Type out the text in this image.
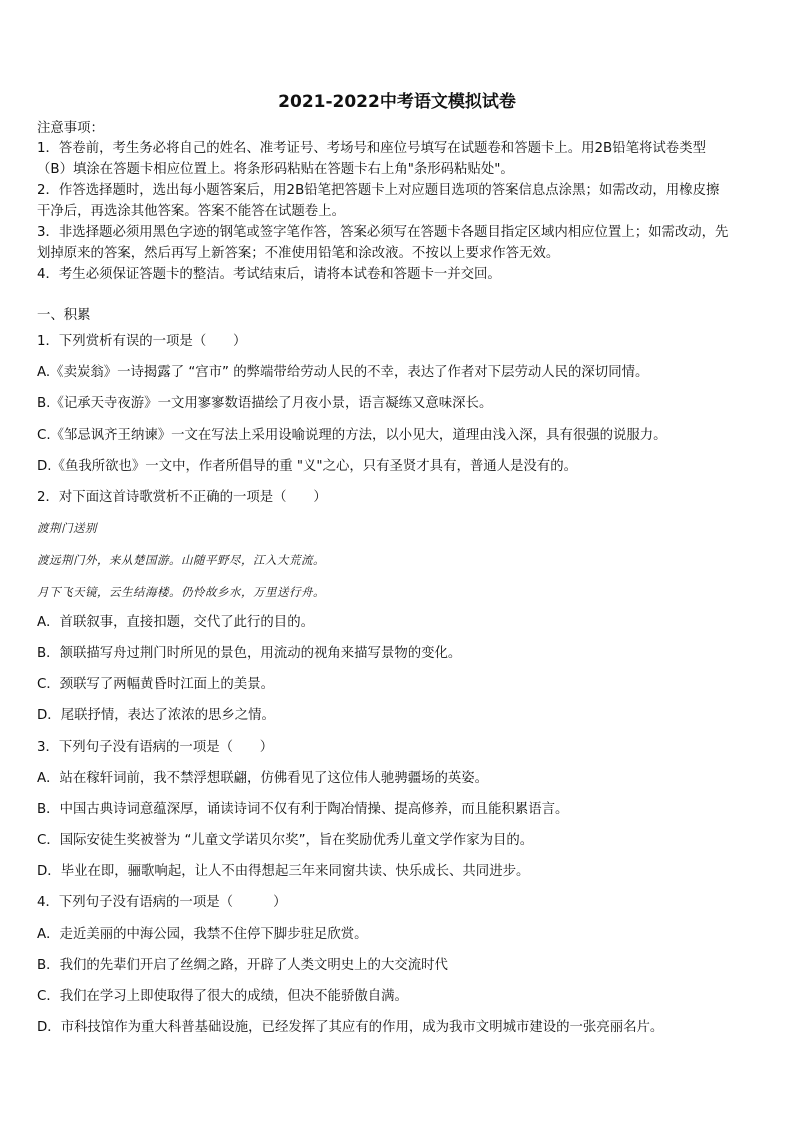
2021-2022中考语文模拟试卷
注意事项：
1．答卷前，考生务必将自己的姓名、准考证号、考场号和座位号填写在试题卷和答题卡上。用2B铅笔将试卷类型
（B）填涂在答题卡相应位置上。将条形码粘贴在答题卡右上角"条形码粘贴处"。
2．作答选择题时，选出每小题答案后，用2B铅笔把答题卡上对应题目选项的答案信息点涂黑；如需改动，用橡皮擦
干净后，再选涂其他答案。答案不能答在试题卷上。
3．非选择题必须用黑色字迹的钢笔或签字笔作答，答案必须写在答题卡各题目指定区域内相应位置上；如需改动，先
划掉原来的答案，然后再写上新答案；不准使用铅笔和涂改液。不按以上要求作答无效。
4．考生必须保证答题卡的整洁。考试结束后，请将本试卷和答题卡一并交回。
一、积累
1．下列赏析有误的一项是（　　）
A.《卖炭翁》一诗揭露了 “宫市” 的弊端带给劳动人民的不幸，表达了作者对下层劳动人民的深切同情。
B.《记承天寺夜游》一文用寥寥数语描绘了月夜小景，语言凝练又意味深长。
C.《邹忌讽齐王纳谏》一文在写法上采用设喻说理的方法，以小见大，道理由浅入深，具有很强的说服力。
D.《鱼我所欲也》一文中，作者所倡导的重 "义"之心，只有圣贤才具有，普通人是没有的。
2．对下面这首诗歌赏析不正确的一项是（　　）
渡荆门送别
渡远荆门外，来从楚国游。山随平野尽，江入大荒流。
月下飞天镜，云生结海楼。仍怜故乡水，万里送行舟。
A．首联叙事，直接扣题，交代了此行的目的。
B．颔联描写舟过荆门时所见的景色，用流动的视角来描写景物的变化。
C．颈联写了两幅黄昏时江面上的美景。
D．尾联抒情，表达了浓浓的思乡之情。
3．下列句子没有语病的一项是（　　）
A．站在稼轩词前，我不禁浮想联翩，仿佛看见了这位伟人驰骋疆场的英姿。
B．中国古典诗词意蕴深厚，诵读诗词不仅有利于陶冶情操、提高修养，而且能积累语言。
C．国际安徒生奖被誉为 “儿童文学诺贝尔奖”，旨在奖励优秀儿童文学作家为目的。
D．毕业在即，骊歌响起，让人不由得想起三年来同窗共读、快乐成长、共同进步。
4．下列句子没有语病的一项是（　　　）
A．走近美丽的中海公园，我禁不住停下脚步驻足欣赏。
B．我们的先辈们开启了丝绸之路，开辟了人类文明史上的大交流时代
C．我们在学习上即使取得了很大的成绩，但决不能骄傲自满。
D．市科技馆作为重大科普基础设施，已经发挥了其应有的作用，成为我市文明城市建设的一张亮丽名片。
